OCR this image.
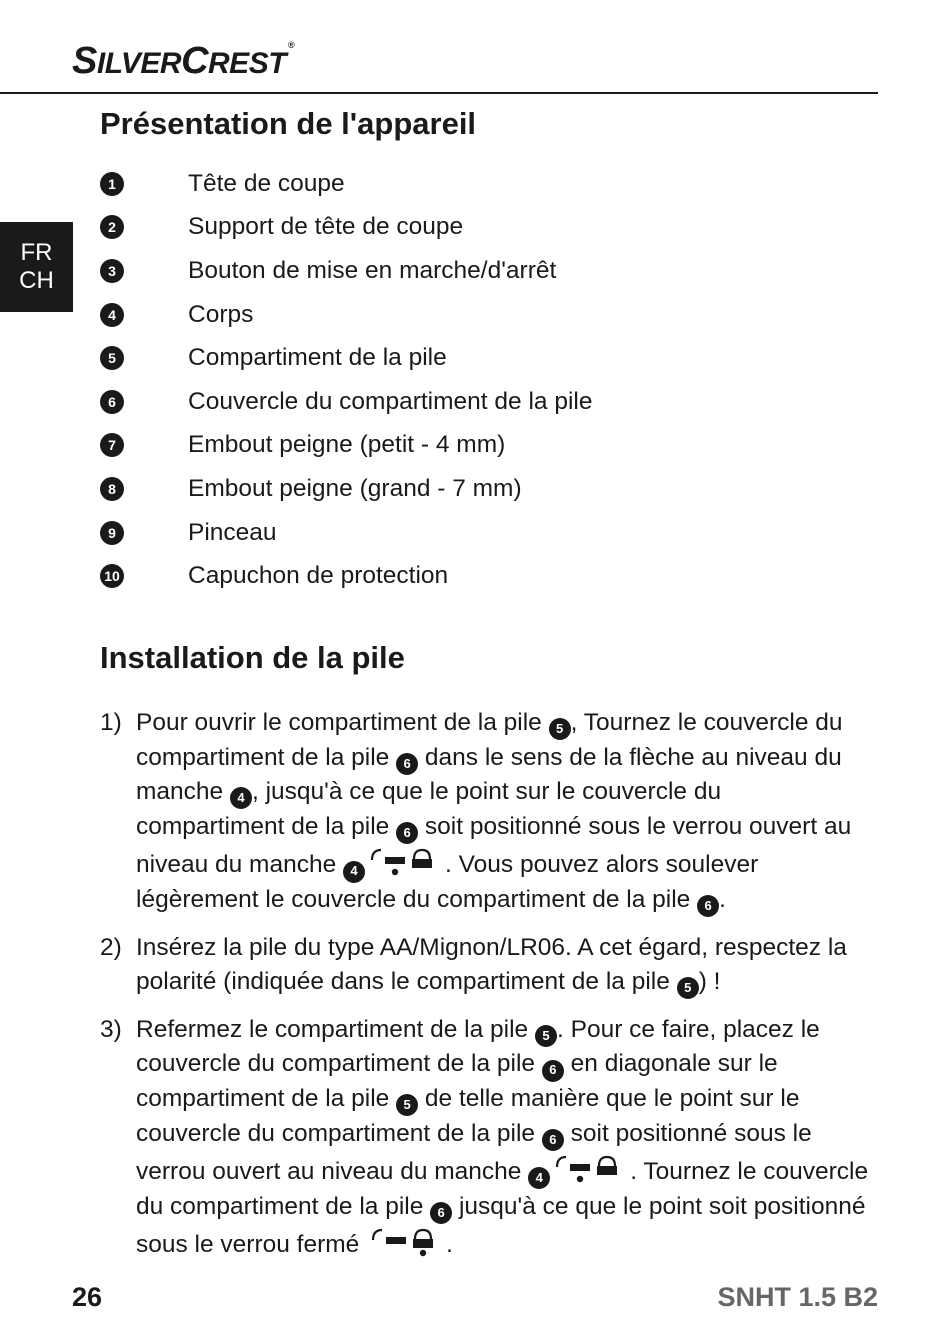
SILVERCREST®
FR
CH
Présentation de l'appareil
1	Tête de coupe
2	Support de tête de coupe
3	Bouton de mise en marche/d'arrêt
4	Corps
5	Compartiment de la pile
6	Couvercle du compartiment de la pile
7	Embout peigne (petit - 4 mm)
8	Embout peigne (grand - 7 mm)
9	Pinceau
10	Capuchon de protection
Installation de la pile
1) Pour ouvrir le compartiment de la pile 5 , Tournez le couvercle du compartiment de la pile 6 dans le sens de la flèche au niveau du manche 4 , jusqu'à ce que le point sur le couvercle du compartiment de la pile 6 soit positionné sous le verrou ouvert au niveau du manche 4	. Vous pouvez alors soulever légèrement le couvercle du compartiment de la pile 6 .
2) Insérez la pile du type AA/Mignon/LR06. A cet égard, respectez la polarité (indiquée dans le compartiment de la pile 5 ) !
3) Refermez le compartiment de la pile 5 . Pour ce faire, placez le couvercle du compartiment de la pile 6 en diagonale sur le compartiment de la pile 5 de telle manière que le point sur le couvercle du compartiment de la pile 6 soit positionné sous le verrou ouvert au niveau du manche 4	. Tournez le couvercle du compartiment de la pile 6 jusqu'à ce que le point soit positionné sous le verrou fermé	.
26	SNHT 1.5 B2
